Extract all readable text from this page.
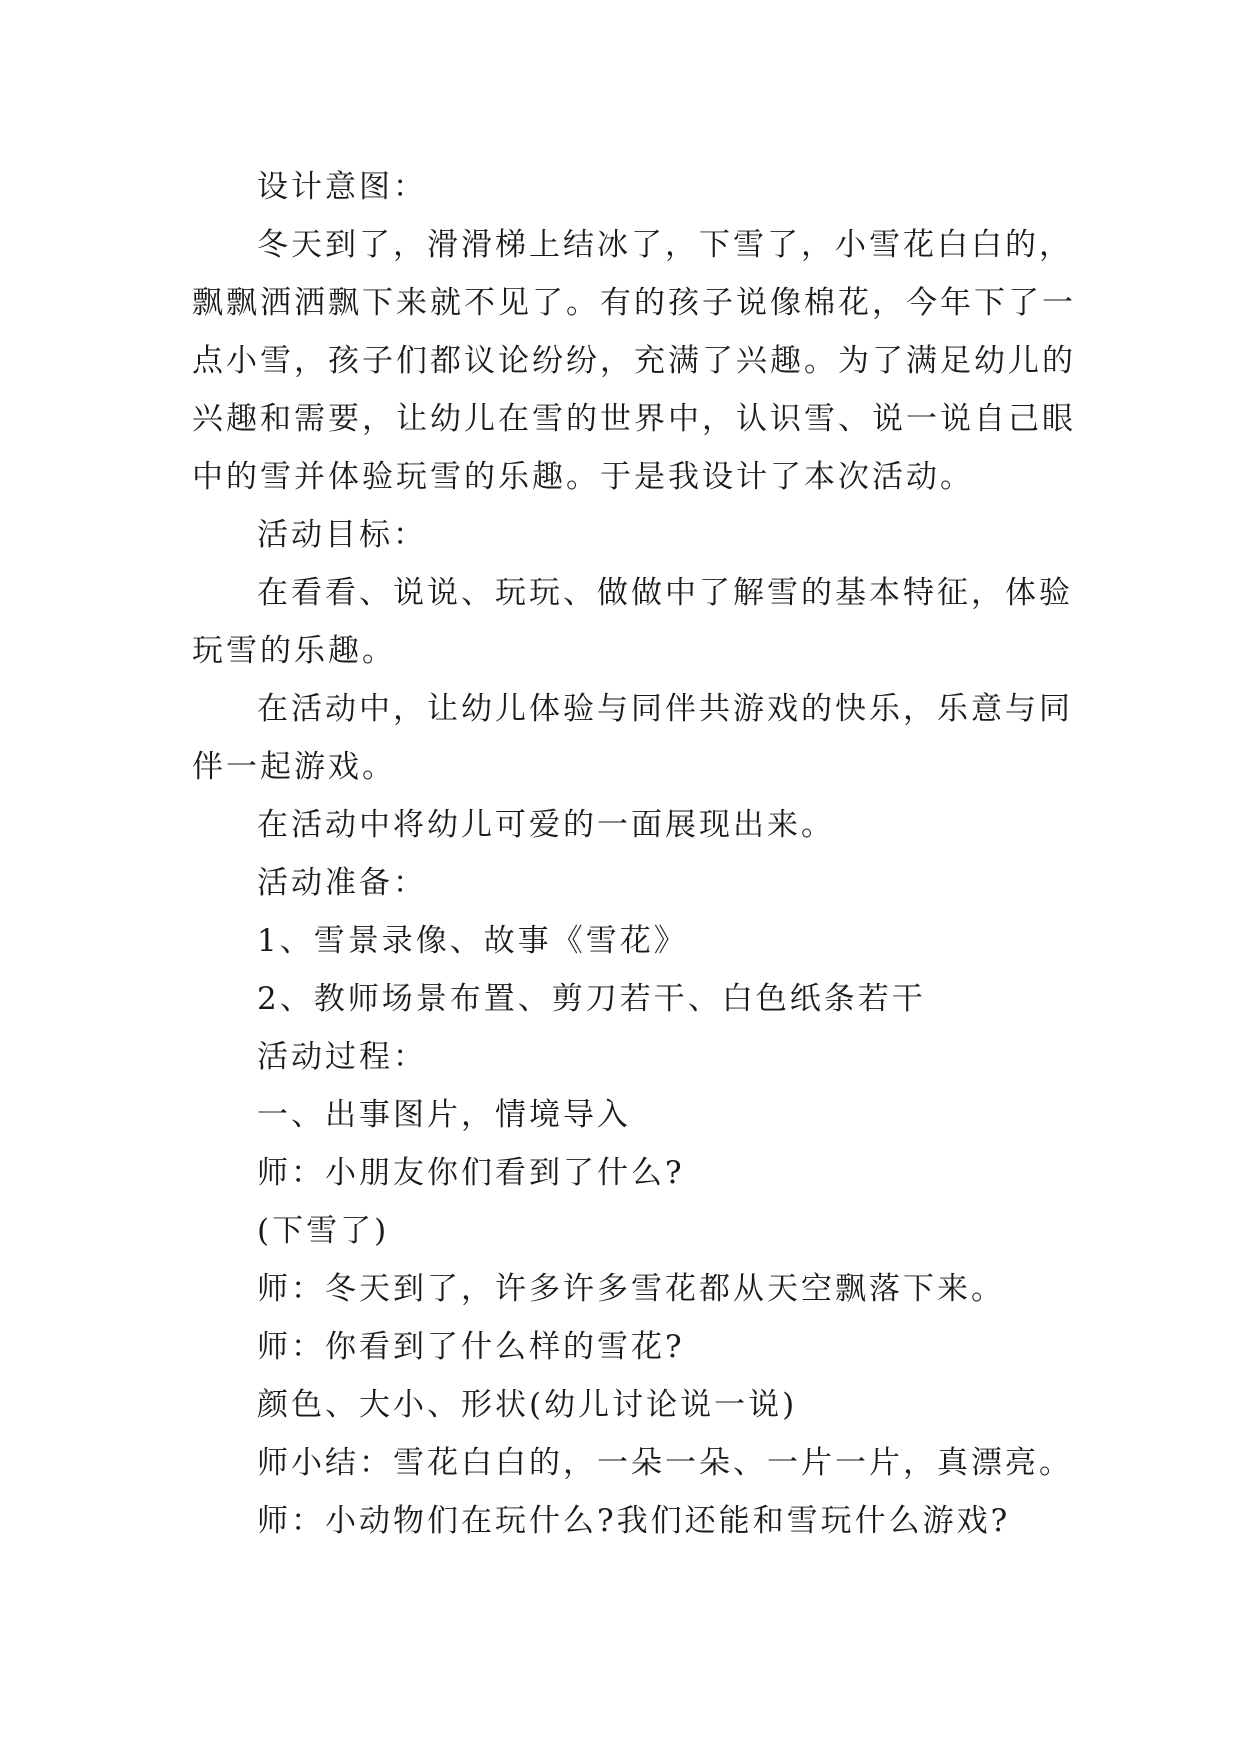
设计意图：

冬天到了，滑滑梯上结冰了，下雪了，小雪花白白的，

飘飘洒洒飘下来就不见了。有的孩子说像棉花，今年下了一

点小雪，孩子们都议论纷纷，充满了兴趣。为了满足幼儿的

兴趣和需要，让幼儿在雪的世界中，认识雪、说一说自己眼

中的雪并体验玩雪的乐趣。于是我设计了本次活动。

活动目标：

在看看、说说、玩玩、做做中了解雪的基本特征，体验

玩雪的乐趣。

在活动中，让幼儿体验与同伴共游戏的快乐，乐意与同

伴一起游戏。

在活动中将幼儿可爱的一面展现出来。

活动准备：

1、雪景录像、故事《雪花》

2、教师场景布置、剪刀若干、白色纸条若干

活动过程：

一、出事图片，情境导入

师：小朋友你们看到了什么?

(下雪了)

师：冬天到了，许多许多雪花都从天空飘落下来。

师：你看到了什么样的雪花?

颜色、大小、形状(幼儿讨论说一说)

师小结：雪花白白的，一朵一朵、一片一片，真漂亮。

师：小动物们在玩什么?我们还能和雪玩什么游戏?
